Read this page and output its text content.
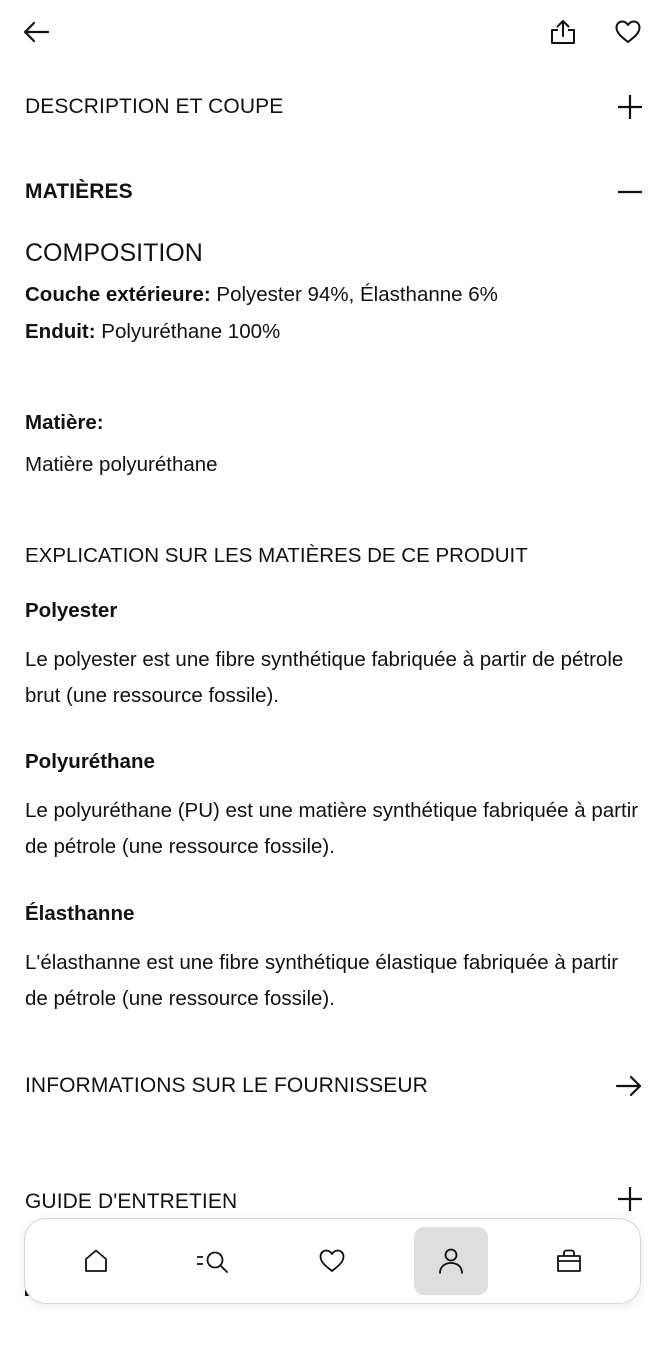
DESCRIPTION ET COUPE
MATIÈRES
COMPOSITION
Couche extérieure: Polyester 94%, Élasthanne 6%
Enduit: Polyuréthane 100%
Matière:
Matière polyuréthane
EXPLICATION SUR LES MATIÈRES DE CE PRODUIT
Polyester
Le polyester est une fibre synthétique fabriquée à partir de pétrole brut (une ressource fossile).
Polyuréthane
Le polyuréthane (PU) est une matière synthétique fabriquée à partir de pétrole (une ressource fossile).
Élasthanne
L'élasthanne est une fibre synthétique élastique fabriquée à partir de pétrole (une ressource fossile).
INFORMATIONS SUR LE FOURNISSEUR
GUIDE D'ENTRETIEN
